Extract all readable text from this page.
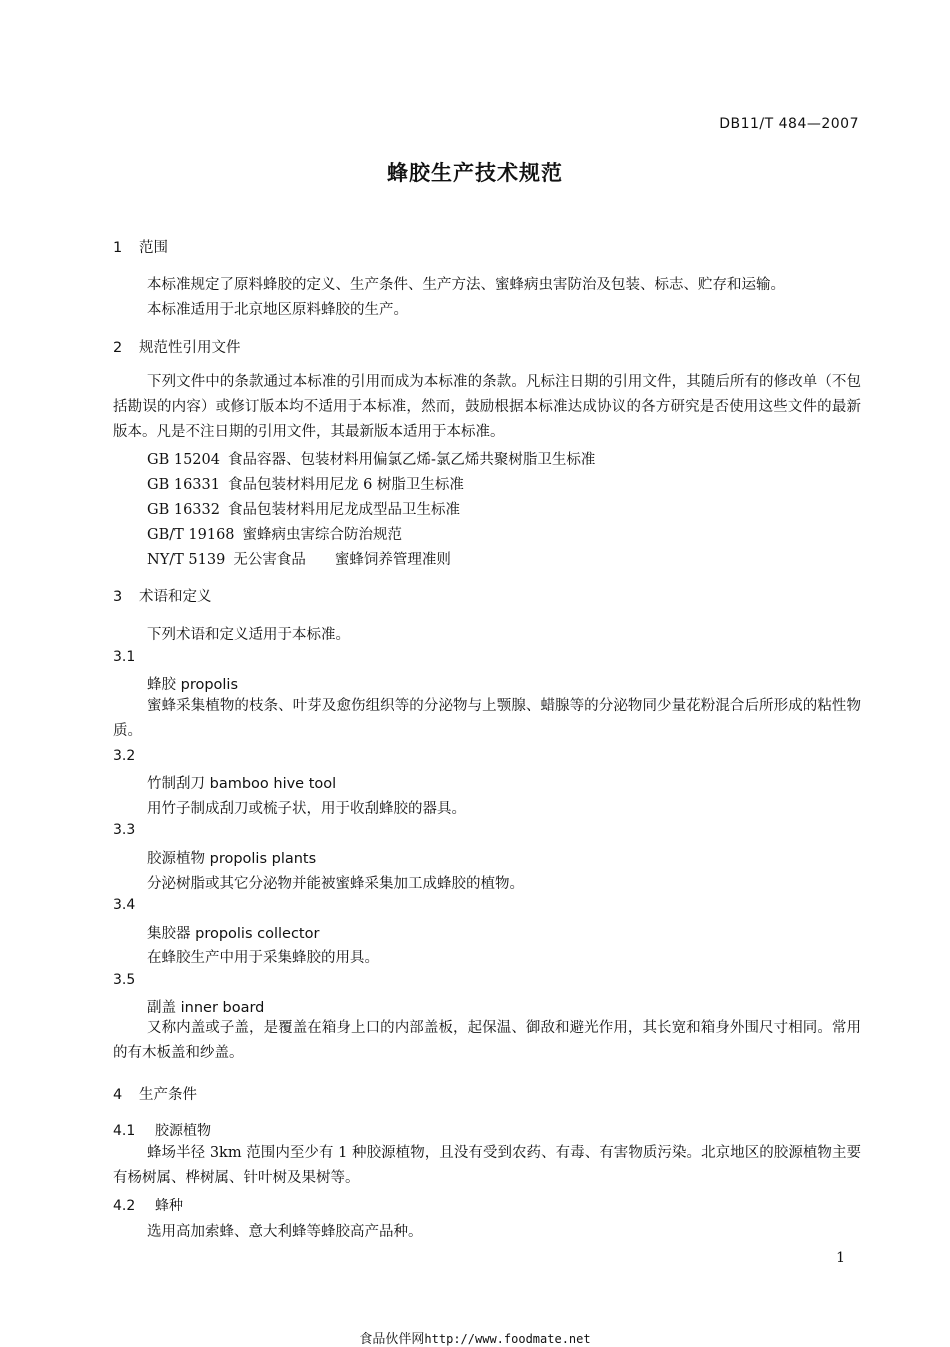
DB11/T 484—2007
蜂胶生产技术规范
1 范围
本标准规定了原料蜂胶的定义、生产条件、生产方法、蜜蜂病虫害防治及包装、标志、贮存和运输。
本标准适用于北京地区原料蜂胶的生产。
2 规范性引用文件
下列文件中的条款通过本标准的引用而成为本标准的条款。凡标注日期的引用文件，其随后所有的修改单（不包括勘误的内容）或修订版本均不适用于本标准，然而，鼓励根据本标准达成协议的各方研究是否使用这些文件的最新版本。凡是不注日期的引用文件，其最新版本适用于本标准。
GB 15204 食品容器、包装材料用偏氯乙烯-氯乙烯共聚树脂卫生标准
GB 16331 食品包装材料用尼龙 6 树脂卫生标准
GB 16332 食品包装材料用尼龙成型品卫生标准
GB/T 19168 蜜蜂病虫害综合防治规范
NY/T 5139 无公害食品　　蜜蜂饲养管理准则
3 术语和定义
下列术语和定义适用于本标准。
3.1
蜂胶 propolis
蜜蜂采集植物的枝条、叶芽及愈伤组织等的分泌物与上颚腺、蜡腺等的分泌物同少量花粉混合后所形成的粘性物质。
3.2
竹制刮刀 bamboo hive tool
用竹子制成刮刀或梳子状，用于收刮蜂胶的器具。
3.3
胶源植物 propolis plants
分泌树脂或其它分泌物并能被蜜蜂采集加工成蜂胶的植物。
3.4
集胶器 propolis collector
在蜂胶生产中用于采集蜂胶的用具。
3.5
副盖 inner board
又称内盖或子盖，是覆盖在箱身上口的内部盖板，起保温、御敌和避光作用，其长宽和箱身外围尺寸相同。常用的有木板盖和纱盖。
4 生产条件
4.1 胶源植物
蜂场半径 3km 范围内至少有 1 种胶源植物，且没有受到农药、有毒、有害物质污染。北京地区的胶源植物主要有杨树属、桦树属、针叶树及果树等。
4.2 蜂种
选用高加索蜂、意大利蜂等蜂胶高产品种。
1
食品伙伴网http://www.foodmate.net
